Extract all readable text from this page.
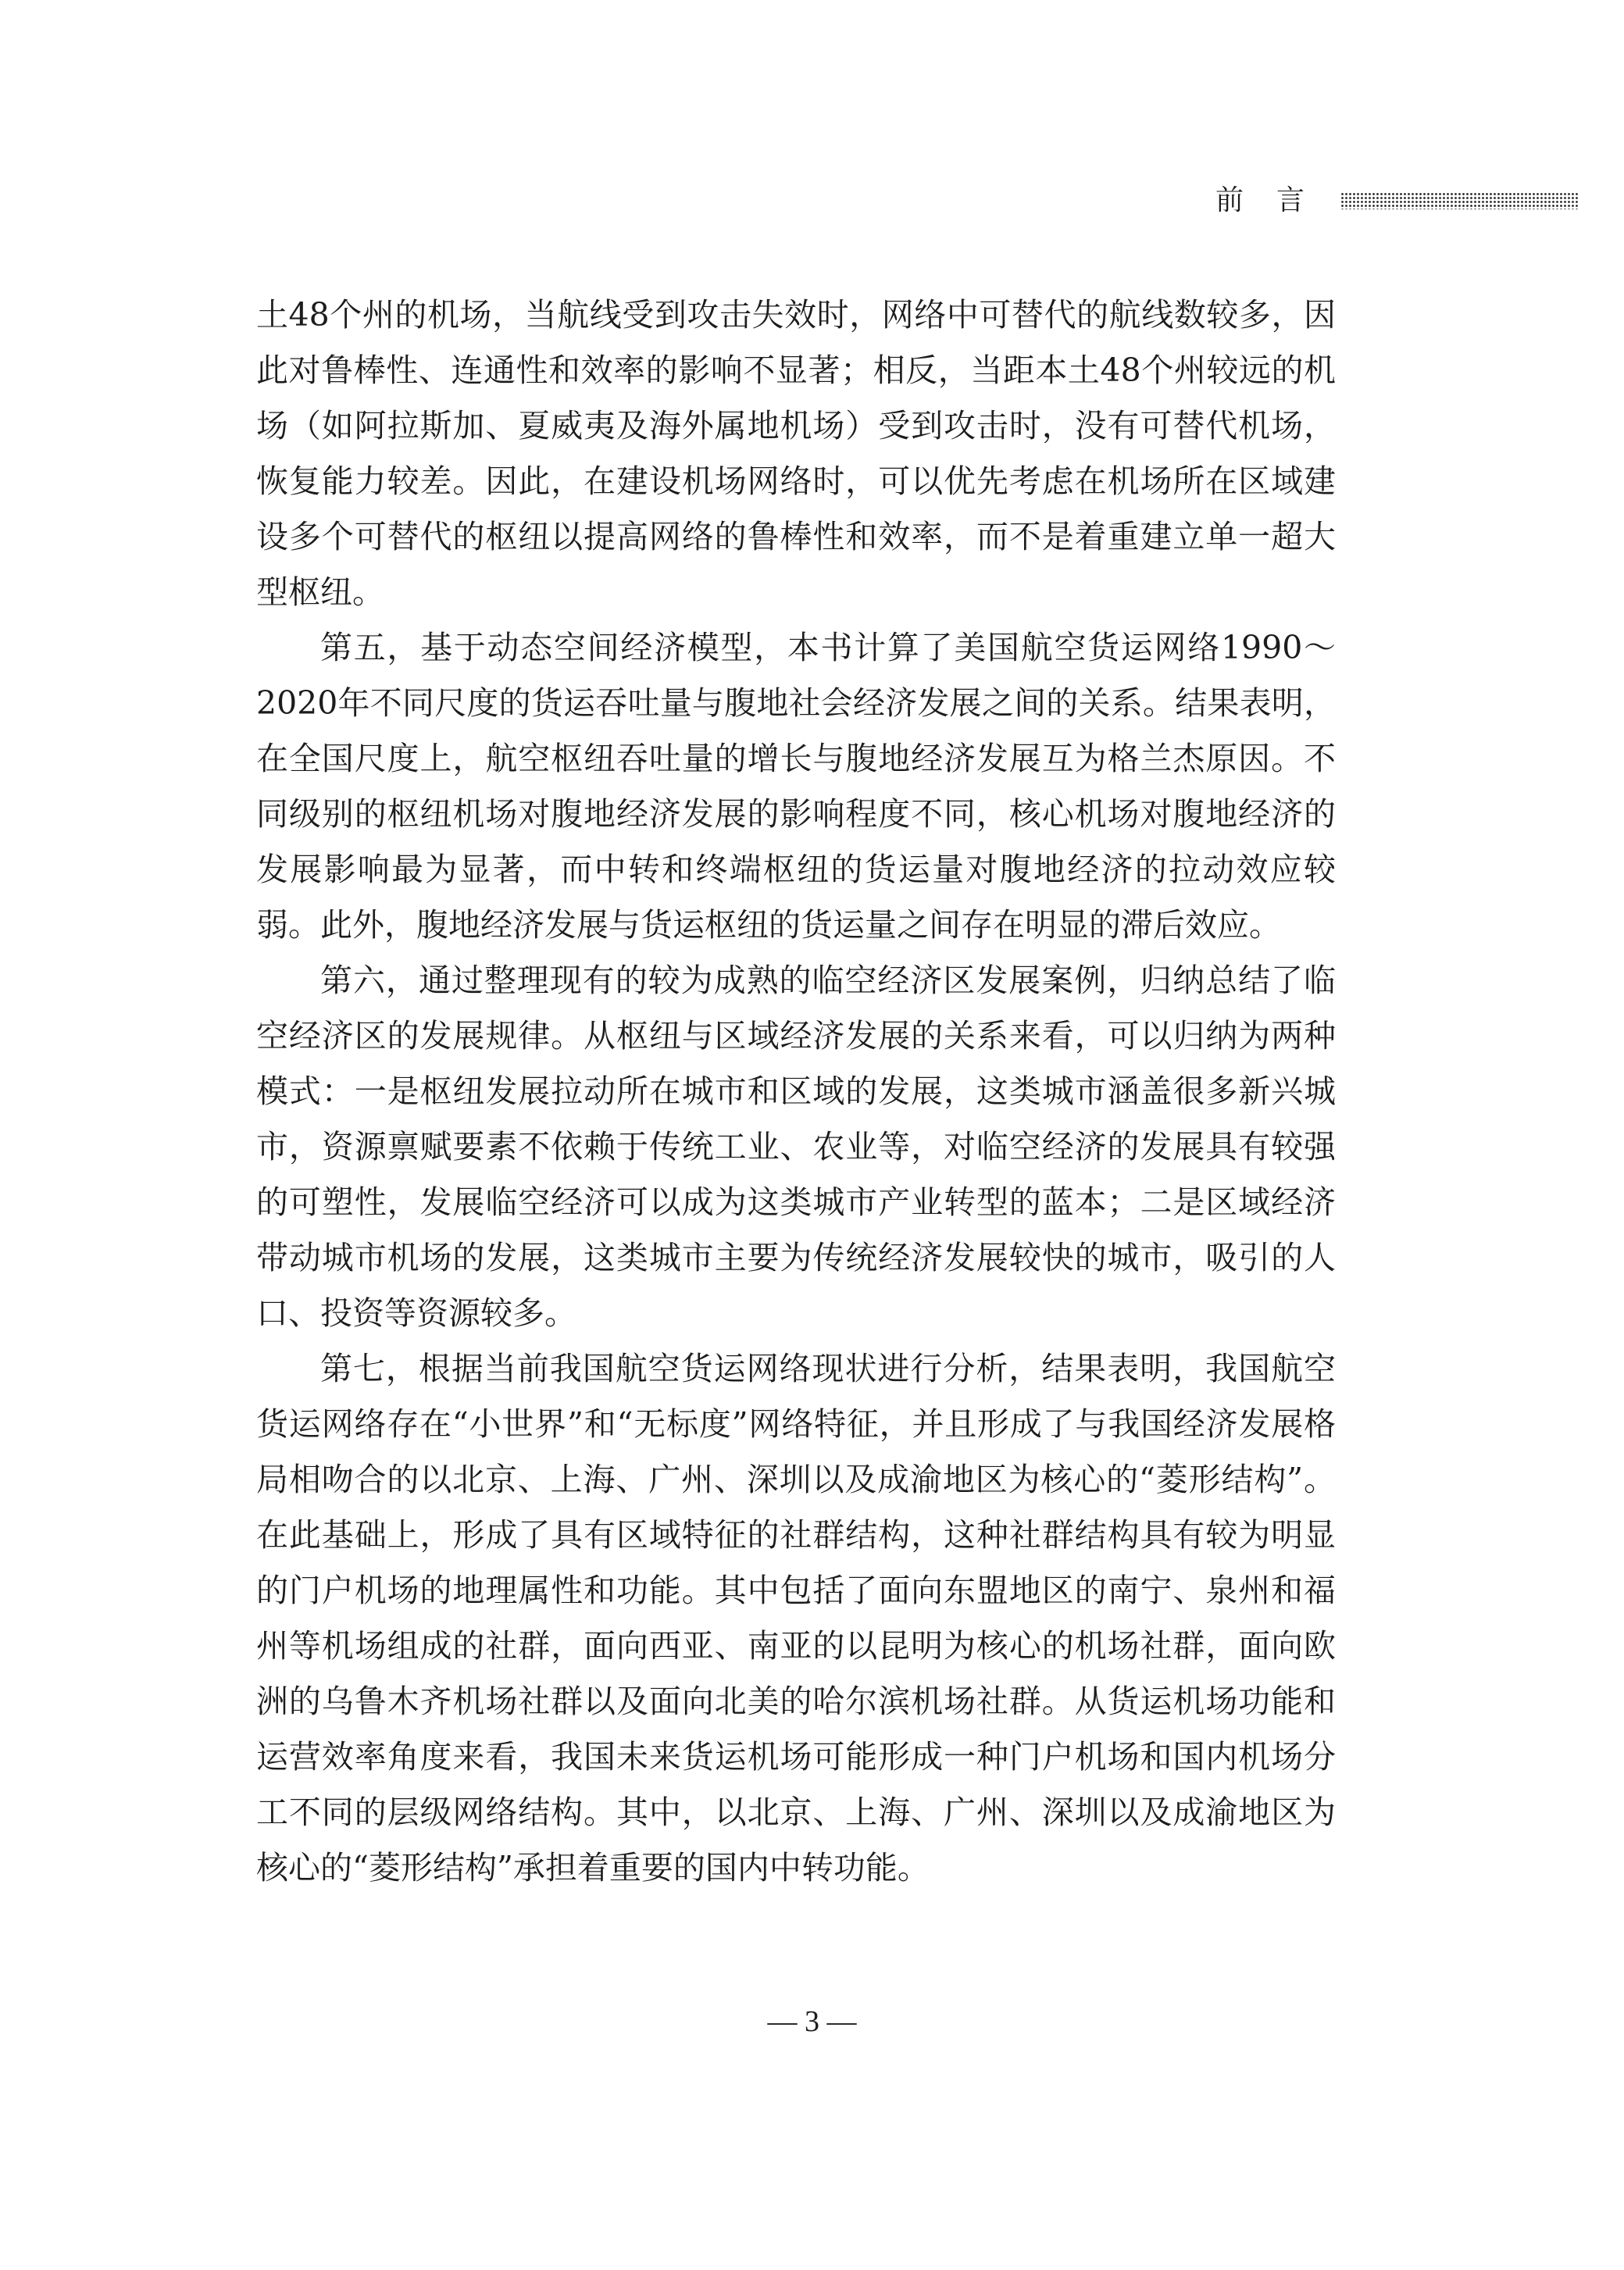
前言

土48个州的机场，当航线受到攻击失效时，网络中可替代的航线数较多，因此对鲁棒性、连通性和效率的影响不显著；相反，当距本土48个州较远的机场（如阿拉斯加、夏威夷及海外属地机场）受到攻击时，没有可替代机场，恢复能力较差。因此，在建设机场网络时，可以优先考虑在机场所在区域建设多个可替代的枢纽以提高网络的鲁棒性和效率，而不是着重建立单一超大型枢纽。

第五，基于动态空间经济模型，本书计算了美国航空货运网络1990～2020年不同尺度的货运吞吐量与腹地社会经济发展之间的关系。结果表明，在全国尺度上，航空枢纽吞吐量的增长与腹地经济发展互为格兰杰原因。不同级别的枢纽机场对腹地经济发展的影响程度不同，核心机场对腹地经济的发展影响最为显著，而中转和终端枢纽的货运量对腹地经济的拉动效应较弱。此外，腹地经济发展与货运枢纽的货运量之间存在明显的滞后效应。

第六，通过整理现有的较为成熟的临空经济区发展案例，归纳总结了临空经济区的发展规律。从枢纽与区域经济发展的关系来看，可以归纳为两种模式：一是枢纽发展拉动所在城市和区域的发展，这类城市涵盖很多新兴城市，资源禀赋要素不依赖于传统工业、农业等，对临空经济的发展具有较强的可塑性，发展临空经济可以成为这类城市产业转型的蓝本；二是区域经济带动城市机场的发展，这类城市主要为传统经济发展较快的城市，吸引的人口、投资等资源较多。

第七，根据当前我国航空货运网络现状进行分析，结果表明，我国航空货运网络存在“小世界”和“无标度”网络特征，并且形成了与我国经济发展格局相吻合的以北京、上海、广州、深圳以及成渝地区为核心的“菱形结构”。在此基础上，形成了具有区域特征的社群结构，这种社群结构具有较为明显的门户机场的地理属性和功能。其中包括了面向东盟地区的南宁、泉州和福州等机场组成的社群，面向西亚、南亚的以昆明为核心的机场社群，面向欧洲的乌鲁木齐机场社群以及面向北美的哈尔滨机场社群。从货运机场功能和运营效率角度来看，我国未来货运机场可能形成一种门户机场和国内机场分工不同的层级网络结构。其中，以北京、上海、广州、深圳以及成渝地区为核心的“菱形结构”承担着重要的国内中转功能。

— 3 —
